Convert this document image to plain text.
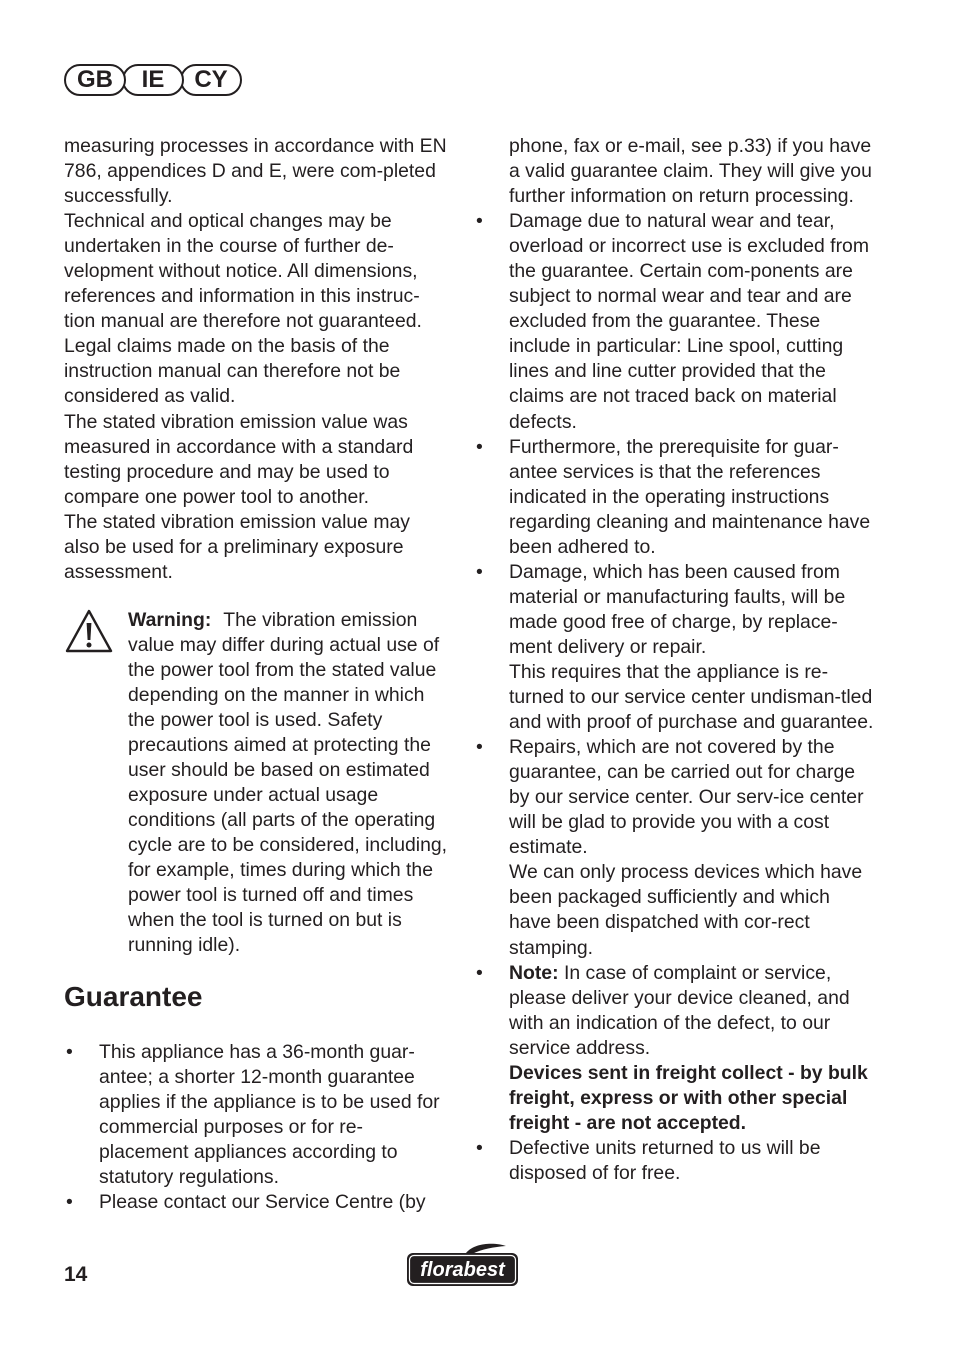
GB	IE	CY

measuring processes in accordance with EN 786, appendices D and E, were com-pleted successfully.

Technical and optical changes may be undertaken in the course of further de-velopment without notice. All dimensions, references and information in this instruc-tion manual are therefore not guaranteed. Legal claims made on the basis of the instruction manual can therefore not be considered as valid.

The stated vibration emission value was measured in accordance with a standard testing procedure and may be used to compare one power tool to another.

The stated vibration emission value may also be used for a preliminary exposure assessment.

Warning: The vibration emission value may differ during actual use of the power tool from the stated value depending on the manner in which the power tool is used. Safety precautions aimed at protecting the user should be based on estimated exposure under actual usage conditions (all parts of the operating cycle are to be considered, including, for example, times during which the power tool is turned off and times when the tool is turned on but is running idle).

Guarantee
• This appliance has a 36-month guar-antee; a shorter 12-month guarantee applies if the appliance is to be used for commercial purposes or for re-placement appliances according to statutory regulations.
• Please contact our Service Centre (by

phone, fax or e-mail, see p.33) if you have a valid guarantee claim. They will give you further information on return processing.

• Damage due to natural wear and tear, overload or incorrect use is excluded from the guarantee. Certain com-ponents are subject to normal wear and tear and are excluded from the guarantee. These include in particular: Line spool, cutting lines and line cutter provided that the claims are not traced back on material defects.
• Furthermore, the prerequisite for guar-antee services is that the references indicated in the operating instructions regarding cleaning and maintenance have been adhered to.

• Damage, which has been caused from material or manufacturing faults, will be made good free of charge, by replace-ment delivery or repair.

This requires that the appliance is re-turned to our service center undisman-tled and with proof of purchase and guarantee.

• Repairs, which are not covered by the guarantee, can be carried out for charge by our service center. Our serv-ice center will be glad to provide you with a cost estimate.

We can only process devices which have been packaged sufficiently and which have been dispatched with cor-rect stamping.

• Note: In case of complaint or service, please deliver your device cleaned, and with an indication of the defect, to our service address.

Devices sent in freight collect - by bulk freight, express or with other special freight - are not accepted.

• Defective units returned to us will be disposed of for free.
14	florabest
